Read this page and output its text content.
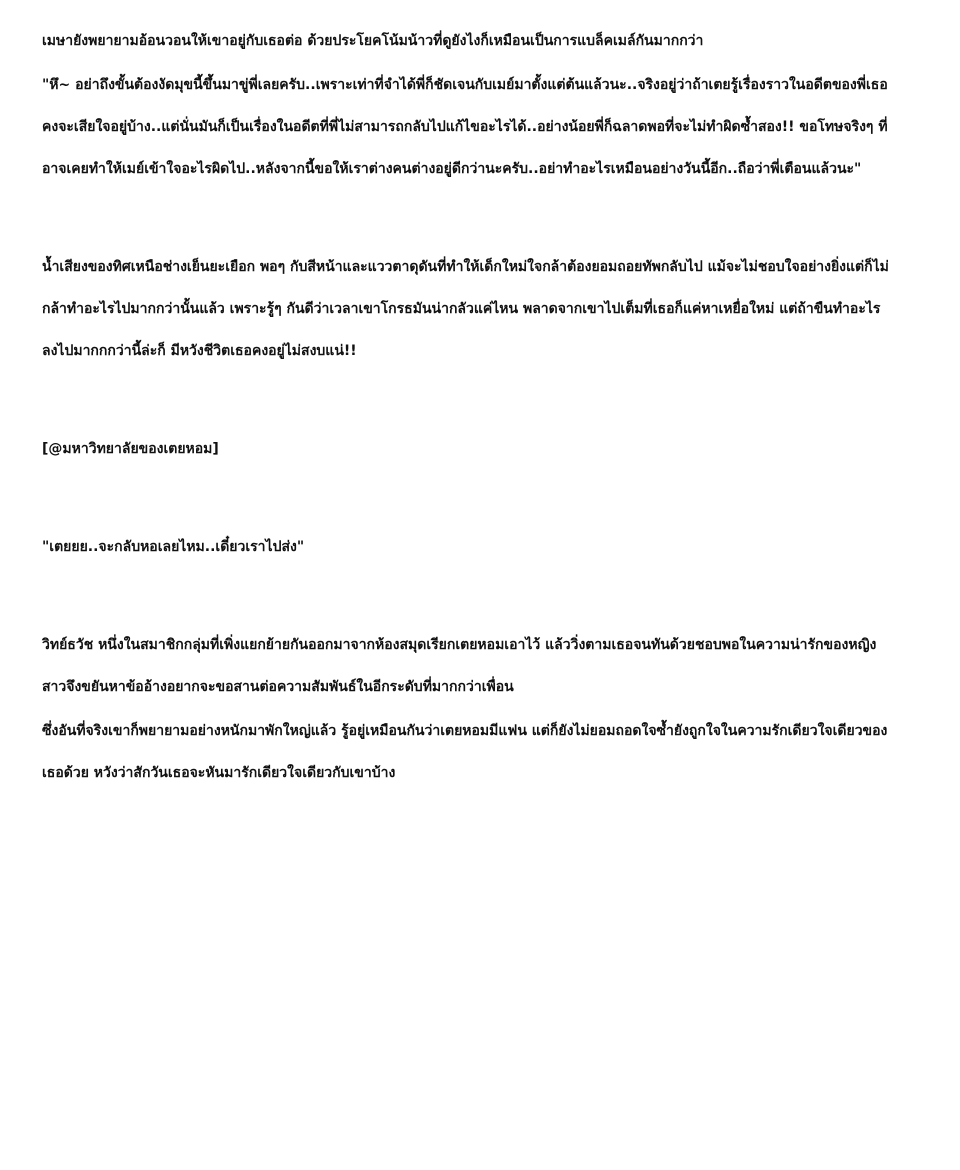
เมษายังพยายามอ้อนวอนให้เขาอยู่กับเธอต่อ ด้วยประโยคโน้มน้าวที่ดูยังไงก็เหมือนเป็นการแบล็คเมล์กันมากกว่า

"หึ~ อย่าถึงขั้นต้องงัดมุขนี้ขึ้นมาขู่พี่เลยครับ..เพราะเท่าที่จำได้พี่ก็ชัดเจนกับเมย์มาตั้งแต่ต้นแล้วนะ..จริงอยู่ว่าถ้าเตยรู้เรื่องราวในอดีตของพี่เธอคงจะเสียใจอยู่บ้าง..แต่นั่นมันก็เป็นเรื่องในอดีตที่พี่ไม่สามารถกลับไปแก้ไขอะไรได้..อย่างน้อยพี่ก็ฉลาดพอที่จะไม่ทำผิดซ้ำสอง!! ขอโทษจริงๆ ที่อาจเคยทำให้เมย์เข้าใจอะไรผิดไป..หลังจากนี้ขอให้เราต่างคนต่างอยู่ดีกว่านะครับ..อย่าทำอะไรเหมือนอย่างวันนี้อีก..ถือว่าพี่เตือนแล้วนะ"

น้ำเสียงของทิศเหนือช่างเย็นยะเยือก พอๆ กับสีหน้าและแววตาดุดันที่ทำให้เด็กใหม่ใจกล้าต้องยอมถอยทัพกลับไป แม้จะไม่ชอบใจอย่างยิ่งแต่ก็ไม่กล้าทำอะไรไปมากกว่านั้นแล้ว เพราะรู้ๆ กันดีว่าเวลาเขาโกรธมันน่ากลัวแค่ไหน พลาดจากเขาไปเต็มที่เธอก็แค่หาเหยื่อใหม่ แต่ถ้าขืนทำอะไรลงไปมากกกว่านี้ล่ะก็ มีหวังชีวิตเธอคงอยู่ไม่สงบแน่!!

[@มหาวิทยาลัยของเตยหอม]

"เตยยย..จะกลับหอเลยไหม..เดี๋ยวเราไปส่ง"

วิทย์ธวัช หนึ่งในสมาชิกกลุ่มที่เพิ่งแยกย้ายกันออกมาจากห้องสมุดเรียกเตยหอมเอาไว้ แล้ววิ่งตามเธอจนทันด้วยชอบพอในความน่ารักของหญิงสาวจึงขยันหาข้ออ้างอยากจะขอสานต่อความสัมพันธ์ในอีกระดับที่มากกว่าเพื่อน

ซึ่งอันที่จริงเขาก็พยายามอย่างหนักมาพักใหญ่แล้ว รู้อยู่เหมือนกันว่าเตยหอมมีแฟน แต่ก็ยังไม่ยอมถอดใจซ้ำยังถูกใจในความรักเดียวใจเดียวของเธอด้วย หวังว่าสักวันเธอจะหันมารักเดียวใจเดียวกับเขาบ้าง
